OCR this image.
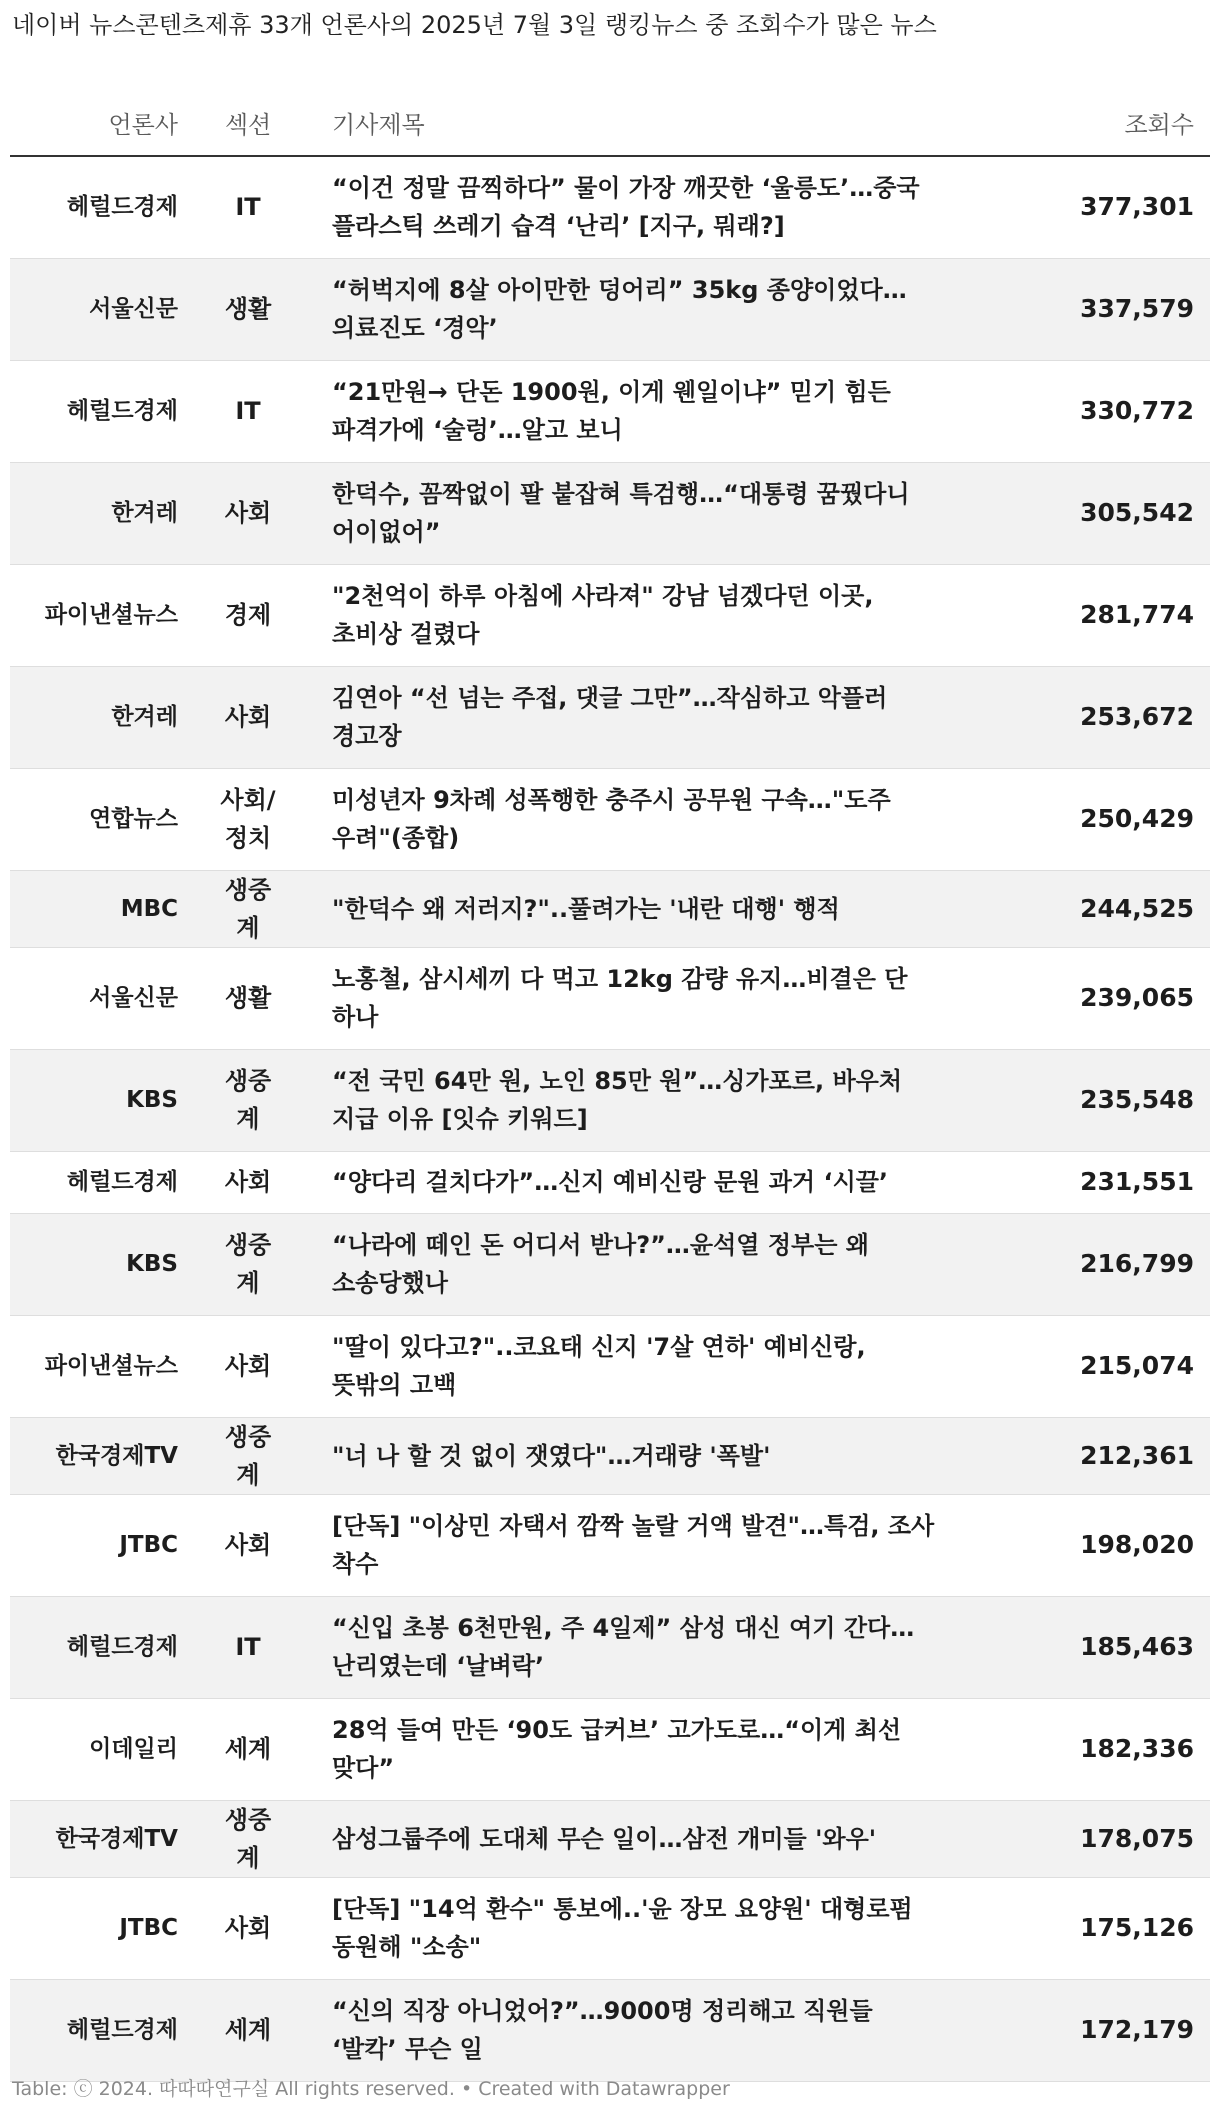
네이버 뉴스콘텐츠제휴 33개 언론사의 2025년 7월 3일 랭킹뉴스 중 조회수가 많은 뉴스
언론사	섹션	기사제목	조회수
헤럴드경제	IT	“이건 정말 끔찍하다” 물이 가장 깨끗한 ‘울릉도’…중국 플라스틱 쓰레기 습격 ‘난리’ [지구, 뭐래?]	377,301
서울신문	생활	“허벅지에 8살 아이만한 덩어리” 35kg 종양이었다…의료진도 ‘경악’	337,579
헤럴드경제	IT	“21만원→ 단돈 1900원, 이게 웬일이냐” 믿기 힘든 파격가에 ‘술렁’…알고 보니	330,772
한겨레	사회	한덕수, 꼼짝없이 팔 붙잡혀 특검행…“대통령 꿈꿨다니 어이없어”	305,542
파이낸셜뉴스	경제	"2천억이 하루 아침에 사라져" 강남 넘겠다던 이곳, 초비상 걸렸다	281,774
한겨레	사회	김연아 “선 넘는 주접, 댓글 그만”…작심하고 악플러 경고장	253,672
연합뉴스	사회/정치	미성년자 9차례 성폭행한 충주시 공무원 구속…"도주 우려"(종합)	250,429
MBC	생중계	"한덕수 왜 저러지?"..풀려가는 '내란 대행' 행적	244,525
서울신문	생활	노홍철, 삼시세끼 다 먹고 12kg 감량 유지…비결은 단 하나	239,065
KBS	생중계	“전 국민 64만 원, 노인 85만 원”…싱가포르, 바우처 지급 이유 [잇슈 키워드]	235,548
헤럴드경제	사회	“양다리 걸치다가”…신지 예비신랑 문원 과거 ‘시끌’	231,551
KBS	생중계	“나라에 떼인 돈 어디서 받나?”…윤석열 정부는 왜 소송당했나	216,799
파이낸셜뉴스	사회	"딸이 있다고?"..코요태 신지 '7살 연하' 예비신랑, 뜻밖의 고백	215,074
한국경제TV	생중계	"너 나 할 것 없이 잿였다"…거래량 '폭발'	212,361
JTBC	사회	[단독] "이상민 자택서 깜짝 놀랄 거액 발견"…특검, 조사 착수	198,020
헤럴드경제	IT	“신입 초봉 6천만원, 주 4일제” 삼성 대신 여기 간다…난리였는데 ‘날벼락’	185,463
이데일리	세계	28억 들여 만든 ‘90도 급커브’ 고가도로…“이게 최선 맞다”	182,336
한국경제TV	생중계	삼성그룹주에 도대체 무슨 일이…삼전 개미들 '와우'	178,075
JTBC	사회	[단독] "14억 환수" 통보에..'윤 장모 요양원' 대형로펌 동원해 "소송"	175,126
헤럴드경제	세계	“신의 직장 아니었어?”…9000명 정리해고 직원들 ‘발칵’ 무슨 일	172,179
Table: ⓒ 2024. 따따따연구실 All rights reserved. • Created with Datawrapper
